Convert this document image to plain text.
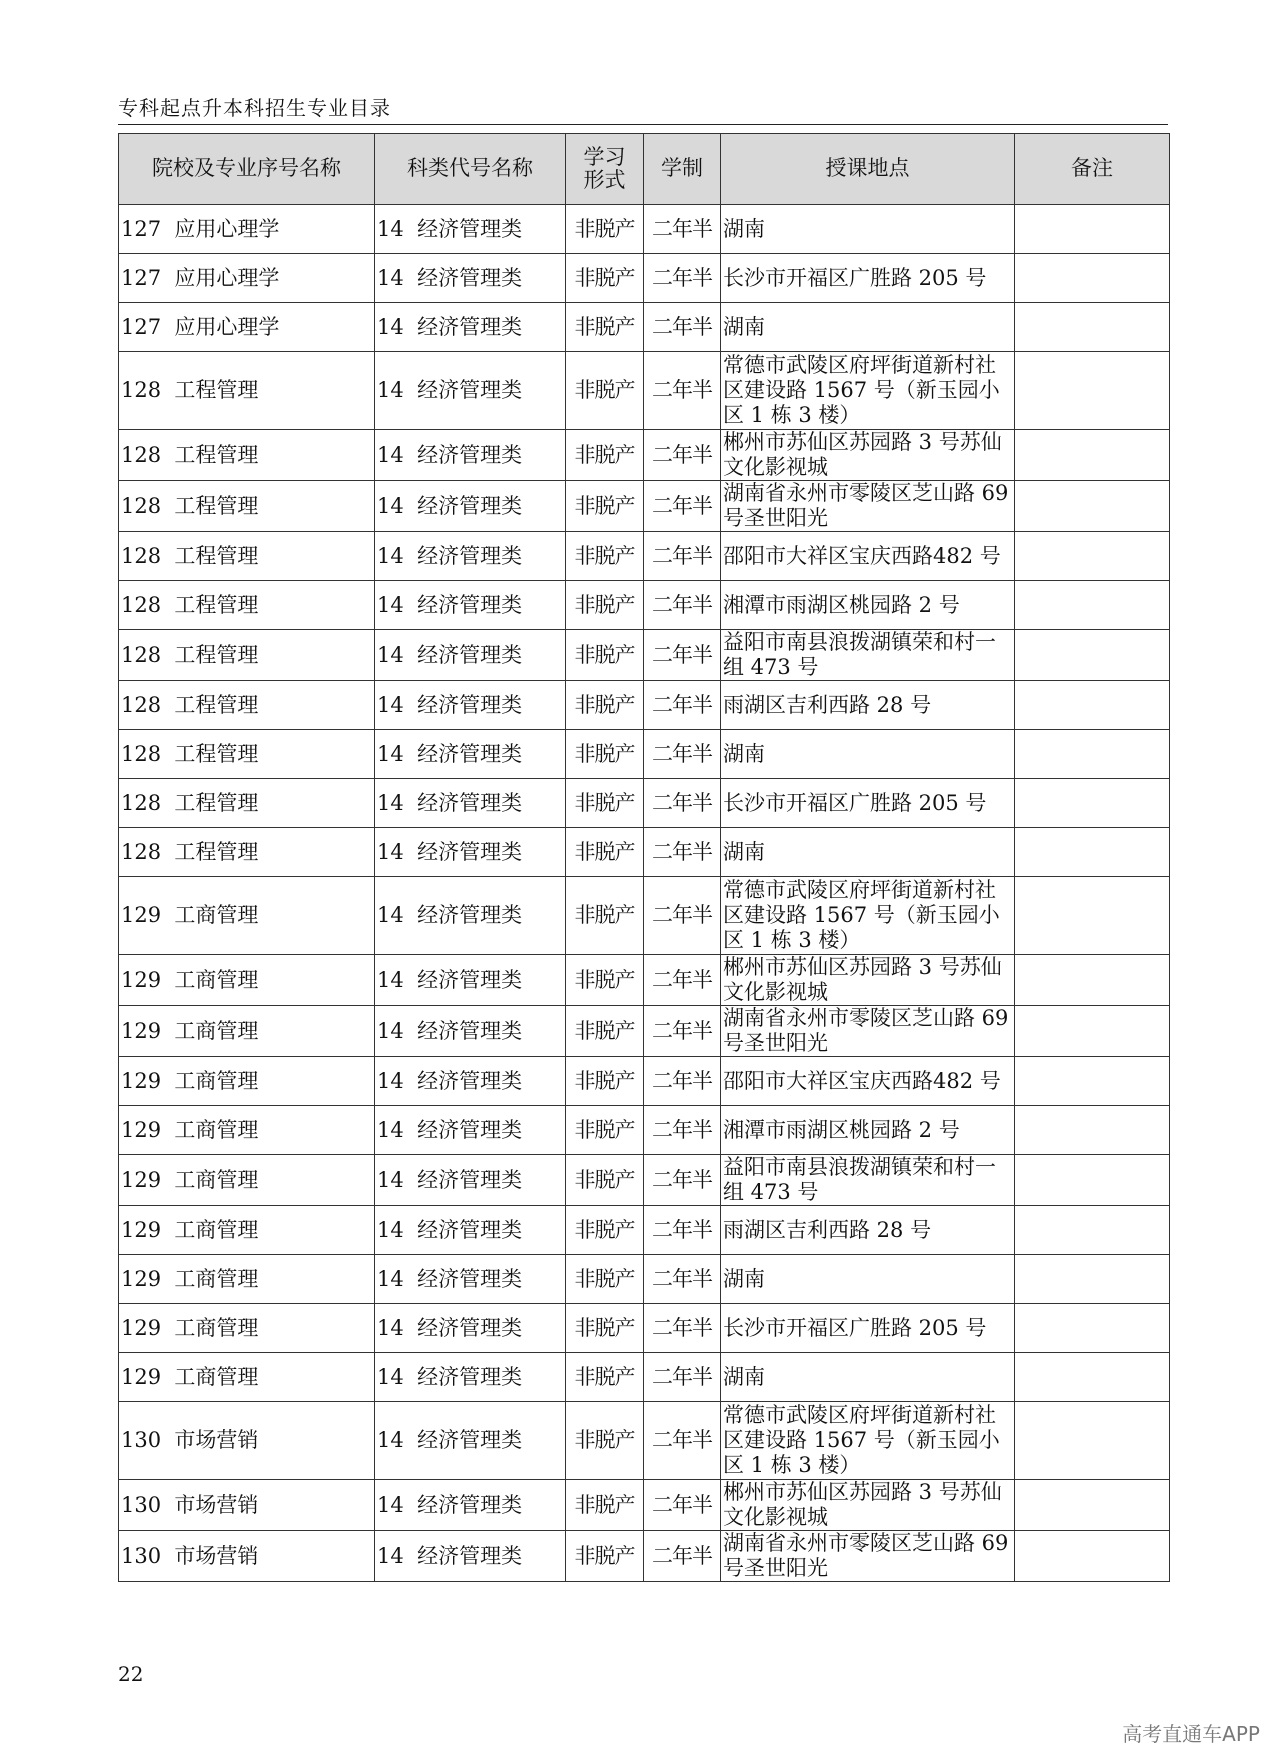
专科起点升本科招生专业目录
院校及专业序号名称	科类代号名称	学习
形式	学制	授课地点	备注
127  应用心理学	14  经济管理类	非脱产	二年半	湖南	
127  应用心理学	14  经济管理类	非脱产	二年半	长沙市开福区广胜路 205 号	
127  应用心理学	14  经济管理类	非脱产	二年半	湖南	
128  工程管理	14  经济管理类	非脱产	二年半	常德市武陵区府坪街道新村社区建设路 1567 号（新玉园小区 1 栋 3 楼）	
128  工程管理	14  经济管理类	非脱产	二年半	郴州市苏仙区苏园路 3 号苏仙文化影视城	
128  工程管理	14  经济管理类	非脱产	二年半	湖南省永州市零陵区芝山路 69 号圣世阳光	
128  工程管理	14  经济管理类	非脱产	二年半	邵阳市大祥区宝庆西路482 号	
128  工程管理	14  经济管理类	非脱产	二年半	湘潭市雨湖区桃园路 2 号	
128  工程管理	14  经济管理类	非脱产	二年半	益阳市南县浪拨湖镇荣和村一组 473 号	
128  工程管理	14  经济管理类	非脱产	二年半	雨湖区吉利西路 28 号	
128  工程管理	14  经济管理类	非脱产	二年半	湖南	
128  工程管理	14  经济管理类	非脱产	二年半	长沙市开福区广胜路 205 号	
128  工程管理	14  经济管理类	非脱产	二年半	湖南	
129  工商管理	14  经济管理类	非脱产	二年半	常德市武陵区府坪街道新村社区建设路 1567 号（新玉园小区 1 栋 3 楼）	
129  工商管理	14  经济管理类	非脱产	二年半	郴州市苏仙区苏园路 3 号苏仙文化影视城	
129  工商管理	14  经济管理类	非脱产	二年半	湖南省永州市零陵区芝山路 69 号圣世阳光	
129  工商管理	14  经济管理类	非脱产	二年半	邵阳市大祥区宝庆西路482 号	
129  工商管理	14  经济管理类	非脱产	二年半	湘潭市雨湖区桃园路 2 号	
129  工商管理	14  经济管理类	非脱产	二年半	益阳市南县浪拨湖镇荣和村一组 473 号	
129  工商管理	14  经济管理类	非脱产	二年半	雨湖区吉利西路 28 号	
129  工商管理	14  经济管理类	非脱产	二年半	湖南	
129  工商管理	14  经济管理类	非脱产	二年半	长沙市开福区广胜路 205 号	
129  工商管理	14  经济管理类	非脱产	二年半	湖南	
130  市场营销	14  经济管理类	非脱产	二年半	常德市武陵区府坪街道新村社区建设路 1567 号（新玉园小区 1 栋 3 楼）	
130  市场营销	14  经济管理类	非脱产	二年半	郴州市苏仙区苏园路 3 号苏仙文化影视城	
130  市场营销	14  经济管理类	非脱产	二年半	湖南省永州市零陵区芝山路 69 号圣世阳光	
22
高考直通车APP
